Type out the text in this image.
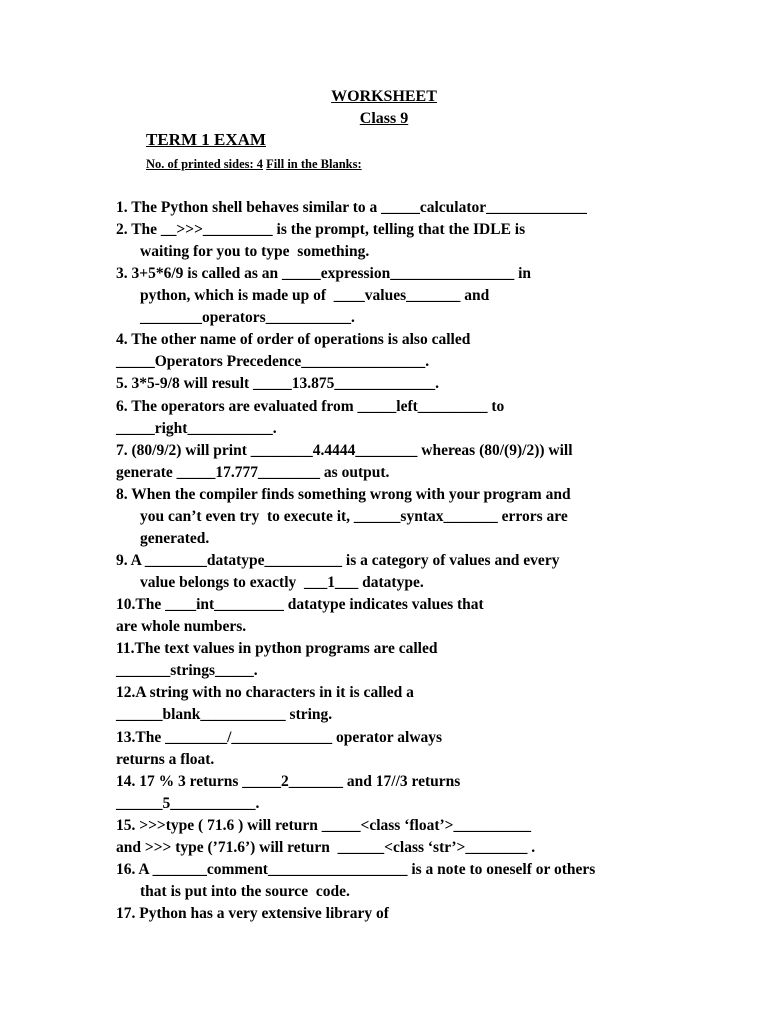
WORKSHEET
Class 9
TERM 1 EXAM
No. of printed sides: 4 Fill in the Blanks:
1. The Python shell behaves similar to a _____calculator_____________
2. The __>>>_________ is the prompt, telling that the IDLE is
waiting for you to type  something.
3. 3+5*6/9 is called as an _____expression________________ in
python, which is made up of  ____values_______ and
________operators___________.
4. The other name of order of operations is also called
_____Operators Precedence________________.
5. 3*5-9/8 will result _____13.875_____________.
6. The operators are evaluated from _____left_________ to
_____right___________.
7. (80/9/2) will print ________4.4444________ whereas (80/(9)/2)) will
generate _____17.777________ as output.
8. When the compiler finds something wrong with your program and
you can’t even try  to execute it, ______syntax_______ errors are
generated.
9. A ________datatype__________ is a category of values and every
value belongs to exactly  ___1___ datatype.
10.The ____int_________ datatype indicates values that
are whole numbers.
11.The text values in python programs are called
_______strings_____.
12.A string with no characters in it is called a
______blank___________ string.
13.The ________/_____________ operator always
returns a float.
14. 17 % 3 returns _____2_______ and 17//3 returns
______5___________.
15. >>>type ( 71.6 ) will return _____<class ‘float’>__________
and >>> type (’71.6’) will return  ______<class ‘str’>________ .
16. A _______comment__________________ is a note to oneself or others
that is put into the source  code.
17. Python has a very extensive library of
